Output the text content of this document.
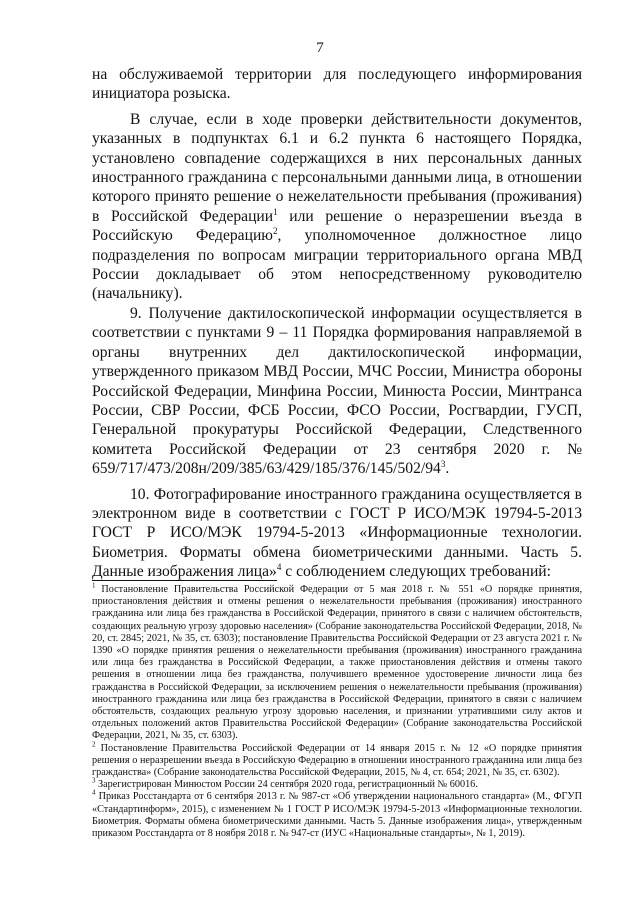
7

на обслуживаемой территории для последующего информирования инициатора розыска.

В случае, если в ходе проверки действительности документов, указанных в подпунктах 6.1 и 6.2 пункта 6 настоящего Порядка, установлено совпадение содержащихся в них персональных данных иностранного гражданина с персональными данными лица, в отношении которого принято решение о нежелательности пребывания (проживания) в Российской Федерации$^1$ или решение о неразрешении въезда в Российскую Федерацию$^2$, уполномоченное должностное лицо подразделения по вопросам миграции территориального органа МВД России докладывает об этом непосредственному руководителю (начальнику).

9. Получение дактилоскопической информации осуществляется в соответствии с пунктами 9 – 11 Порядка формирования направляемой в органы внутренних дел дактилоскопической информации, утвержденного приказом МВД России, МЧС России, Министра обороны Российской Федерации, Минфина России, Минюста России, Минтранса России, СВР России, ФСБ России, ФСО России, Росгвардии, ГУСП, Генеральной прокуратуры Российской Федерации, Следственного комитета Российской Федерации от 23 сентября 2020 г. № $659/717/473/208н/209/385/63/429/185/376/145/502/94^3$.

10. Фотографирование иностранного гражданина осуществляется в электронном виде в соответствии с ГОСТ Р ИСО/МЭК 19794-5-2013 ГОСТ Р ИСО/МЭК 19794-5-2013 «Информационные технологии. Биометрия. Форматы обмена биометрическими данными. Часть 5. Данные изображения лица»$^4$ с соблюдением следующих требований:

$^1$ Постановление Правительства Российской Федерации от 5 мая 2018 г. № 551 «О порядке принятия, приостановления действия и отмены решения о нежелательности пребывания (проживания) иностранного гражданина или лица без гражданства в Российской Федерации, принятого в связи с наличием обстоятельств, создающих реальную угрозу здоровью населения» (Собрание законодательства Российской Федерации, 2018, № 20, ст. 2845; 2021, № 35, ст. 6303); постановление Правительства Российской Федерации от 23 августа 2021 г. № 1390 «О порядке принятия решения о нежелательности пребывания (проживания) иностранного гражданина или лица без гражданства в Российской Федерации, а также приостановления действия и отмены такого решения в отношении лица без гражданства, получившего временное удостоверение личности лица без гражданства в Российской Федерации, за исключением решения о нежелательности пребывания (проживания) иностранного гражданина или лица без гражданства в Российской Федерации, принятого в связи с наличием обстоятельств, создающих реальную угрозу здоровью населения, и признании утратившими силу актов и отдельных положений актов Правительства Российской Федерации» (Собрание законодательства Российской Федерации, 2021, № 35, ст. 6303).

$^2$ Постановление Правительства Российской Федерации от 14 января 2015 г. № 12 «О порядке принятия решения о неразрешении въезда в Российскую Федерацию в отношении иностранного гражданина или лица без гражданства» (Собрание законодательства Российской Федерации, 2015, № 4, ст. 654; 2021, № 35, ст. 6302).

$^3$ Зарегистрирован Минюстом России 24 сентября 2020 года, регистрационный № 60016.

$^4$ Приказ Росстандарта от 6 сентября 2013 г. № 987-ст «Об утверждении национального стандарта» (М., ФГУП «Стандартинформ», 2015), с изменением № 1 ГОСТ Р ИСО/МЭК 19794-5-2013 «Информационные технологии. Биометрия. Форматы обмена биометрическими данными. Часть 5. Данные изображения лица», утвержденным приказом Росстандарта от 8 ноября 2018 г. № 947-ст (ИУС «Национальные стандарты», № 1, 2019).
